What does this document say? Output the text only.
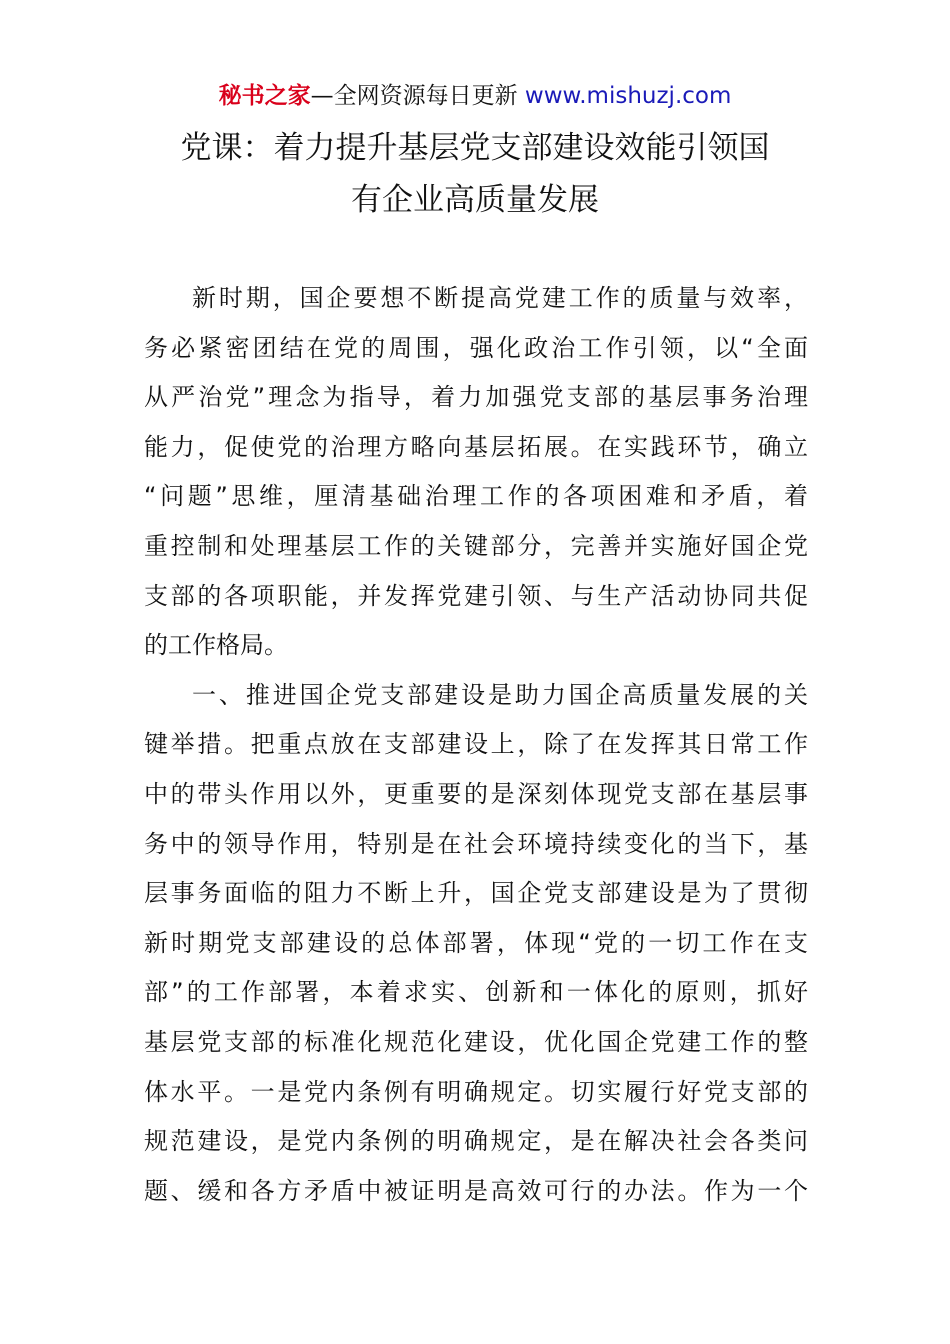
秘书之家—全网资源每日更新 www.mishuzj.com
党课：着力提升基层党支部建设效能引领国
有企业高质量发展
新时期，国企要想不断提高党建工作的质量与效率，
务必紧密团结在党的周围，强化政治工作引领，以“全面
从严治党”理念为指导，着力加强党支部的基层事务治理
能力，促使党的治理方略向基层拓展。在实践环节，确立
“问题”思维，厘清基础治理工作的各项困难和矛盾，着
重控制和处理基层工作的关键部分，完善并实施好国企党
支部的各项职能，并发挥党建引领、与生产活动协同共促
的工作格局。
一、推进国企党支部建设是助力国企高质量发展的关
键举措。把重点放在支部建设上，除了在发挥其日常工作
中的带头作用以外，更重要的是深刻体现党支部在基层事
务中的领导作用，特别是在社会环境持续变化的当下，基
层事务面临的阻力不断上升，国企党支部建设是为了贯彻
新时期党支部建设的总体部署，体现“党的一切工作在支
部”的工作部署，本着求实、创新和一体化的原则，抓好
基层党支部的标准化规范化建设，优化国企党建工作的整
体水平。一是党内条例有明确规定。切实履行好党支部的
规范建设，是党内条例的明确规定，是在解决社会各类问
题、缓和各方矛盾中被证明是高效可行的办法。作为一个
